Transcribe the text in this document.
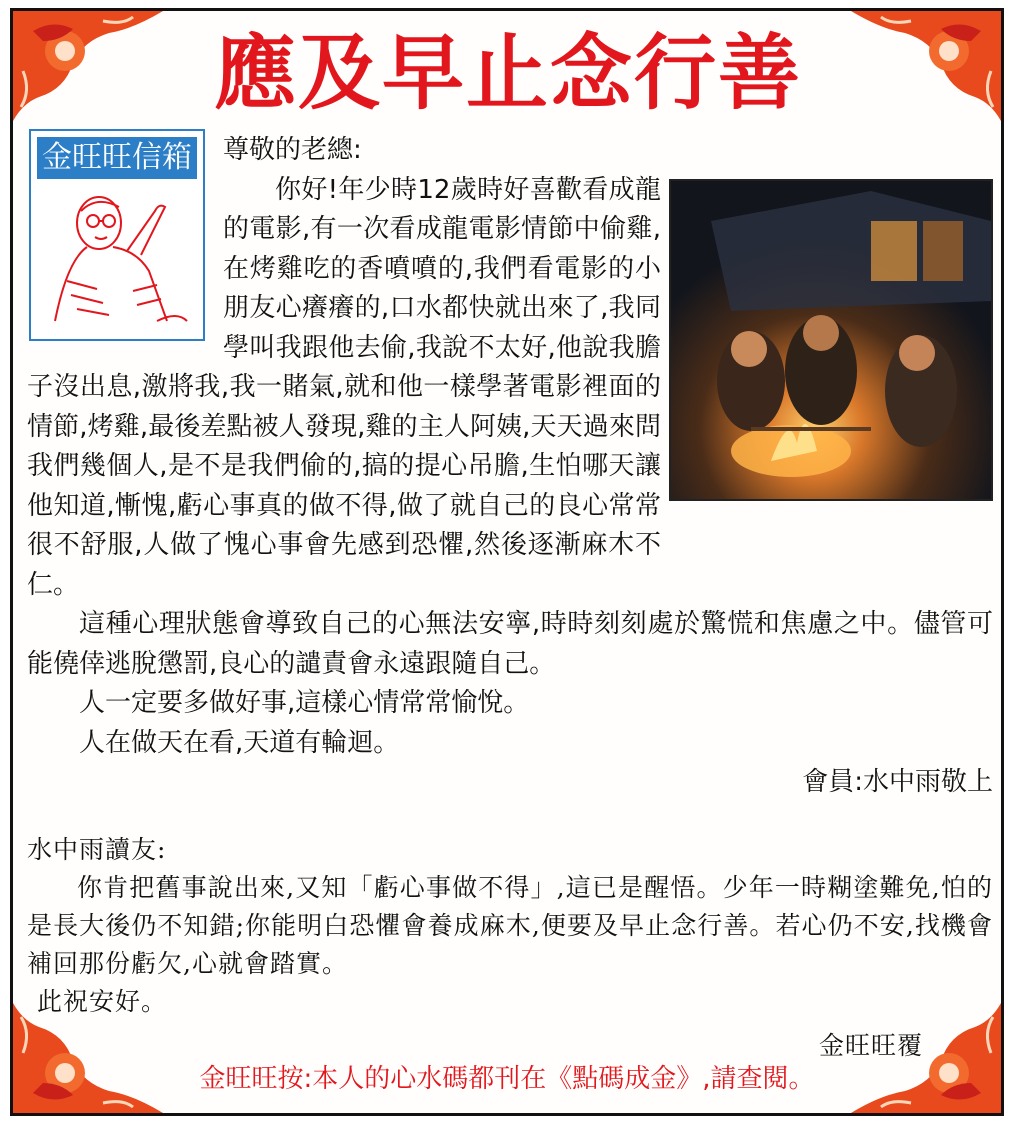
應及早止念行善

尊敬的老總:

你好!年少時12歲時好喜歡看成龍的電影,有一次看成龍電影情節中偷雞,在烤雞吃的香噴噴的,我們看電影的小朋友心癢癢的,口水都快就出來了,我同學叫我跟他去偷,我說不太好,他說我膽子沒出息,激將我,我一賭氣,就和他一樣學著電影裡面的情節,烤雞,最後差點被人發現,雞的主人阿姨,天天過來問我們幾個人,是不是我們偷的,搞的提心吊膽,生怕哪天讓他知道,慚愧,虧心事真的做不得,做了就自己的良心常常很不舒服,人做了愧心事會先感到恐懼,然後逐漸麻木不仁。

這種心理狀態會導致自己的心無法安寧,時時刻刻處於驚慌和焦慮之中。儘管可能僥倖逃脫懲罰,良心的譴責會永遠跟隨自己。

人一定要多做好事,這樣心情常常愉悅。

人在做天在看,天道有輪迴。

會員:水中雨敬上

金旺旺信箱

水中雨讀友:

你肯把舊事說出來,又知「虧心事做不得」,這已是醒悟。少年一時糊塗難免,怕的是長大後仍不知錯;你能明白恐懼會養成麻木,便要及早止念行善。若心仍不安,找機會補回那份虧欠,心就會踏實。

此祝安好。

金旺旺覆

金旺旺按:本人的心水碼都刊在《點碼成金》,請查閱。
